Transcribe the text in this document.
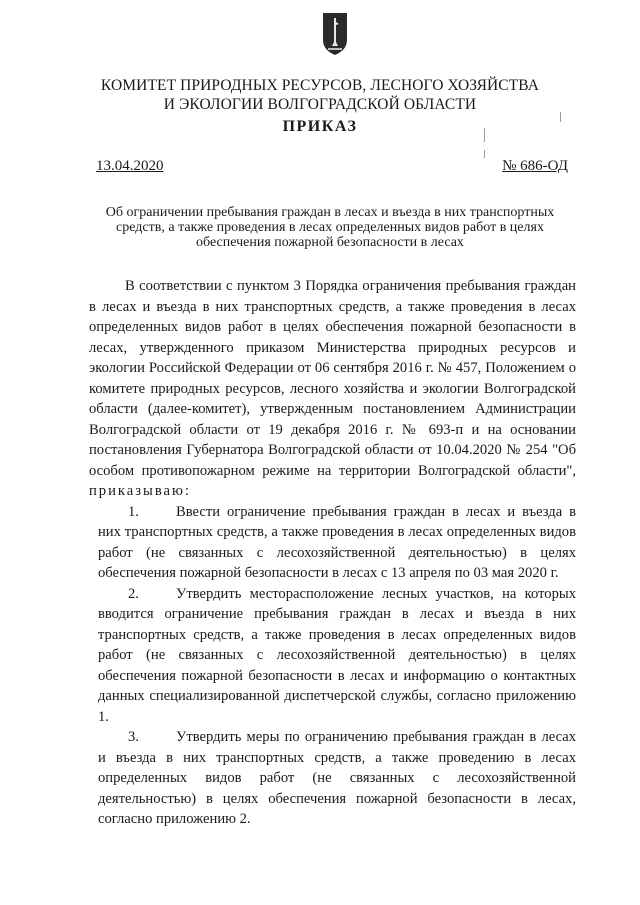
КОМИТЕТ ПРИРОДНЫХ РЕСУРСОВ, ЛЕСНОГО ХОЗЯЙСТВА
И ЭКОЛОГИИ ВОЛГОГРАДСКОЙ ОБЛАСТИ
ПРИКАЗ
13.04.2020	№ 686-ОД
Об ограничении пребывания граждан в лесах и въезда в них транспортных средств, а также проведения в лесах определенных видов работ в целях обеспечения пожарной безопасности в лесах

В соответствии с пунктом 3 Порядка ограничения пребывания граждан в лесах и въезда в них транспортных средств, а также проведения в лесах определенных видов работ в целях обеспечения пожарной безопасности в лесах, утвержденного приказом Министерства природных ресурсов и экологии Российской Федерации от 06 сентября 2016 г. № 457, Положением о комитете природных ресурсов, лесного хозяйства и экологии Волгоградской области (далее-комитет), утвержденным постановлением Администрации Волгоградской области от 19 декабря 2016 г. № 693-п и на основании постановления Губернатора Волгоградской области от 10.04.2020 № 254 "Об особом противопожарном режиме на территории Волгоградской области", приказываю:

1.	Ввести ограничение пребывания граждан в лесах и въезда в них транспортных средств, а также проведения в лесах определенных видов работ (не связанных с лесохозяйственной деятельностью) в целях обеспечения пожарной безопасности в лесах с 13 апреля по 03 мая 2020 г.

2.	Утвердить месторасположение лесных участков, на которых вводится ограничение пребывания граждан в лесах и въезда в них транспортных средств, а также проведения в лесах определенных видов работ (не связанных с лесохозяйственной деятельностью) в целях обеспечения пожарной безопасности в лесах и информацию о контактных данных специализированной диспетчерской службы, согласно приложению 1.

3.	Утвердить меры по ограничению пребывания граждан в лесах и въезда в них транспортных средств, а также проведению в лесах определенных видов работ (не связанных с лесохозяйственной деятельностью) в целях обеспечения пожарной безопасности в лесах, согласно приложению 2.
